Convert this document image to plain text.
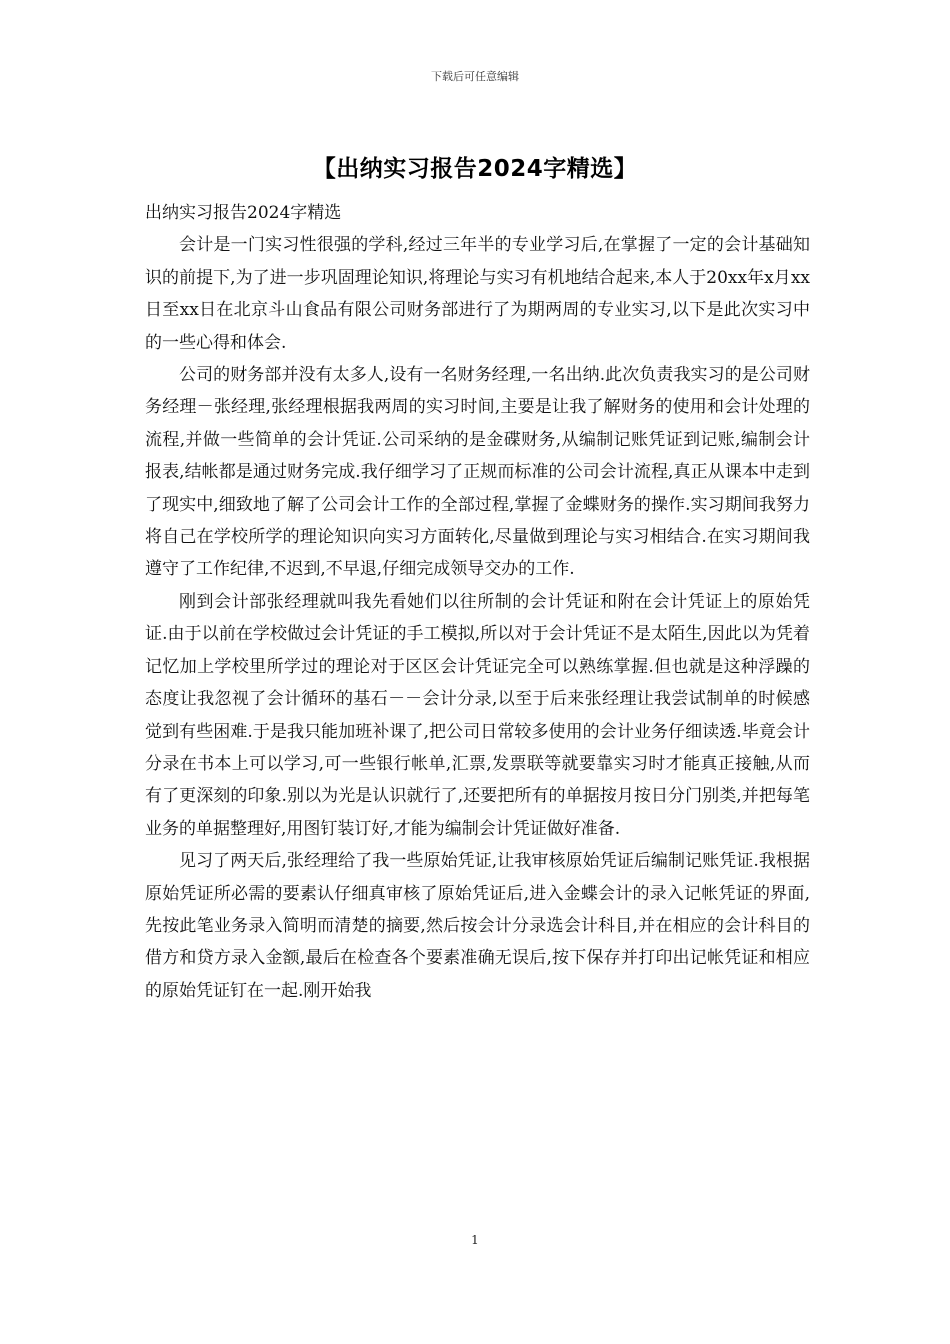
下载后可任意编辑
【出纳实习报告2024字精选】

出纳实习报告2024字精选

会计是一门实习性很强的学科,经过三年半的专业学习后,在掌握了一定的会计基础知识的前提下,为了进一步巩固理论知识,将理论与实习有机地结合起来,本人于20xx年x月xx日至xx日在北京斗山食品有限公司财务部进行了为期两周的专业实习,以下是此次实习中的一些心得和体会.

公司的财务部并没有太多人,设有一名财务经理,一名出纳.此次负责我实习的是公司财务经理－张经理,张经理根据我两周的实习时间,主要是让我了解财务的使用和会计处理的流程,并做一些简单的会计凭证.公司采纳的是金碟财务,从编制记账凭证到记账,编制会计报表,结帐都是通过财务完成.我仔细学习了正规而标准的公司会计流程,真正从课本中走到了现实中,细致地了解了公司会计工作的全部过程,掌握了金蝶财务的操作.实习期间我努力将自己在学校所学的理论知识向实习方面转化,尽量做到理论与实习相结合.在实习期间我遵守了工作纪律,不迟到,不早退,仔细完成领导交办的工作.

刚到会计部张经理就叫我先看她们以往所制的会计凭证和附在会计凭证上的原始凭证.由于以前在学校做过会计凭证的手工模拟,所以对于会计凭证不是太陌生,因此以为凭着记忆加上学校里所学过的理论对于区区会计凭证完全可以熟练掌握.但也就是这种浮躁的态度让我忽视了会计循环的基石－－会计分录,以至于后来张经理让我尝试制单的时候感觉到有些困难.于是我只能加班补课了,把公司日常较多使用的会计业务仔细读透.毕竟会计分录在书本上可以学习,可一些银行帐单,汇票,发票联等就要靠实习时才能真正接触,从而有了更深刻的印象.别以为光是认识就行了,还要把所有的单据按月按日分门别类,并把每笔业务的单据整理好,用图钉装订好,才能为编制会计凭证做好准备.

见习了两天后,张经理给了我一些原始凭证,让我审核原始凭证后编制记账凭证.我根据原始凭证所必需的要素认仔细真审核了原始凭证后,进入金蝶会计的录入记帐凭证的界面,先按此笔业务录入简明而清楚的摘要,然后按会计分录选会计科目,并在相应的会计科目的借方和贷方录入金额,最后在检查各个要素准确无误后,按下保存并打印出记帐凭证和相应的原始凭证钉在一起.刚开始我

1
